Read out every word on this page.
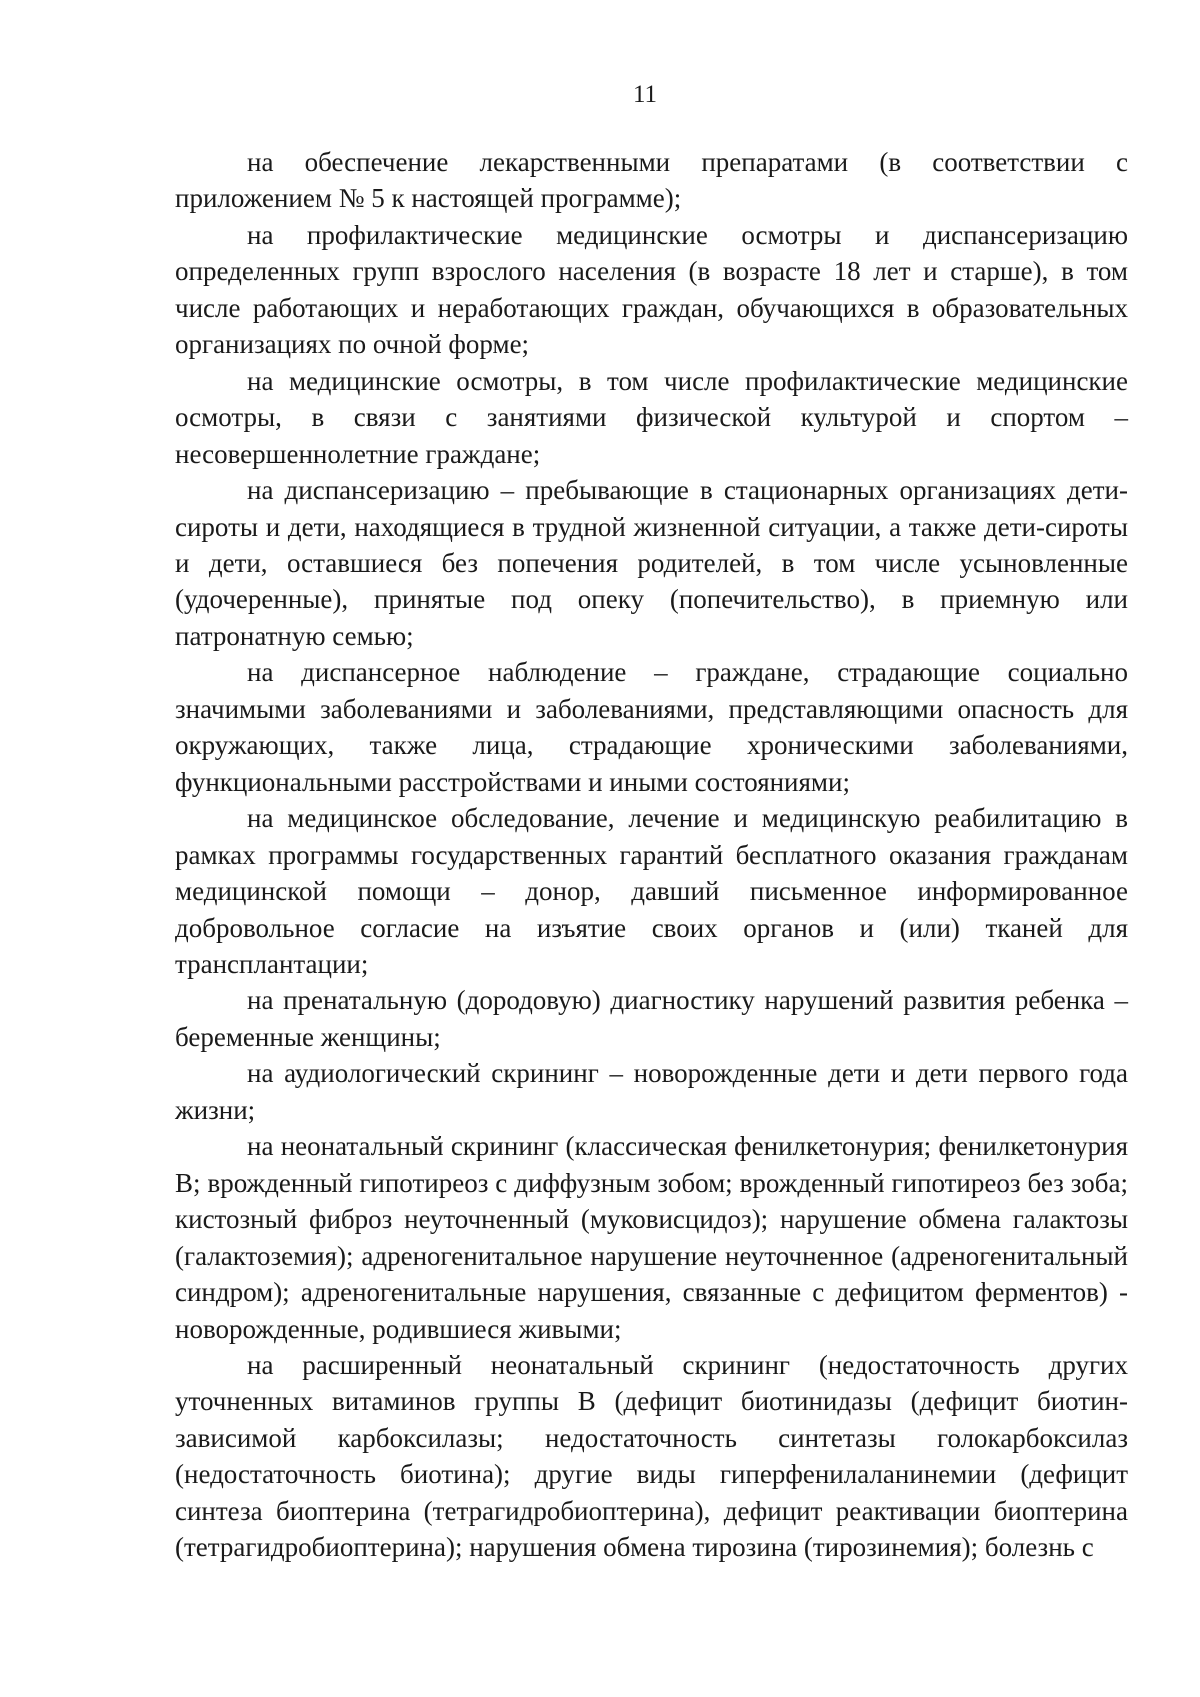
11

на обеспечение лекарственными препаратами (в соответствии с приложением № 5 к настоящей программе);

на профилактические медицинские осмотры и диспансеризацию определенных групп взрослого населения (в возрасте 18 лет и старше), в том числе работающих и неработающих граждан, обучающихся в образовательных организациях по очной форме;

на медицинские осмотры, в том числе профилактические медицинские осмотры, в связи с занятиями физической культурой и спортом – несовершеннолетние граждане;

на диспансеризацию – пребывающие в стационарных организациях дети-сироты и дети, находящиеся в трудной жизненной ситуации, а также дети-сироты и дети, оставшиеся без попечения родителей, в том числе усыновленные (удочеренные), принятые под опеку (попечительство), в приемную или патронатную семью;

на диспансерное наблюдение – граждане, страдающие социально значимыми заболеваниями и заболеваниями, представляющими опасность для окружающих, также лица, страдающие хроническими заболеваниями, функциональными расстройствами и иными состояниями;

на медицинское обследование, лечение и медицинскую реабилитацию в рамках программы государственных гарантий бесплатного оказания гражданам медицинской помощи – донор, давший письменное информированное добровольное согласие на изъятие своих органов и (или) тканей для трансплантации;

на пренатальную (дородовую) диагностику нарушений развития ребенка – беременные женщины;

на аудиологический скрининг – новорожденные дети и дети первого года жизни;

на неонатальный скрининг (классическая фенилкетонурия; фенилкетонурия B; врожденный гипотиреоз с диффузным зобом; врожденный гипотиреоз без зоба; кистозный фиброз неуточненный (муковисцидоз); нарушение обмена галактозы (галактоземия); адреногенитальное нарушение неуточненное (адреногенитальный синдром); адреногенитальные нарушения, связанные с дефицитом ферментов) - новорожденные, родившиеся живыми;

на расширенный неонатальный скрининг (недостаточность других уточненных витаминов группы B (дефицит биотинидазы (дефицит биотин-зависимой карбоксилазы; недостаточность синтетазы голокарбоксилаз (недостаточность биотина); другие виды гиперфенилаланинемии (дефицит синтеза биоптерина (тетрагидробиоптерина), дефицит реактивации биоптерина (тетрагидробиоптерина); нарушения обмена тирозина (тирозинемия); болезнь с
